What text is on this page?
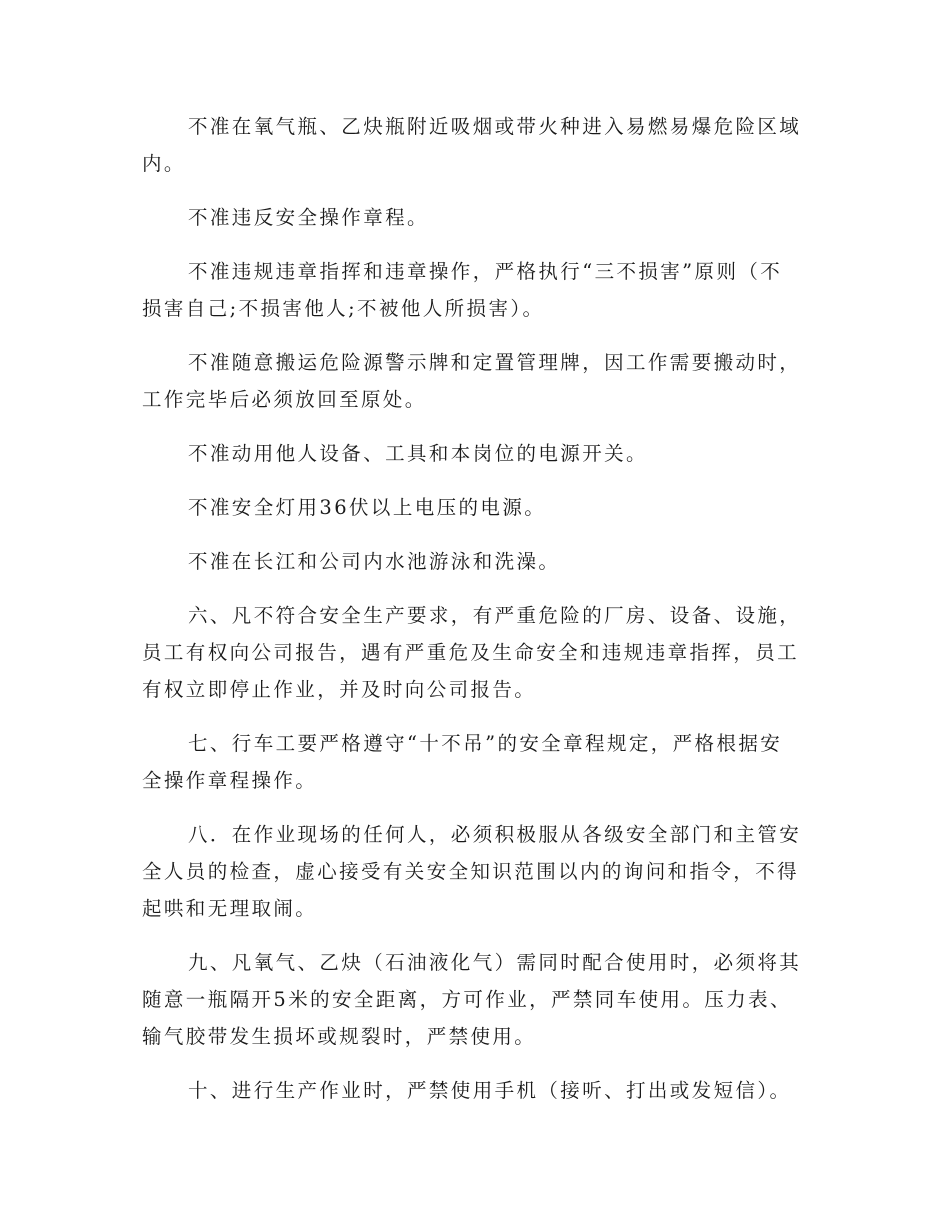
不准在氧气瓶、乙炔瓶附近吸烟或带火种进入易燃易爆危险区域
内。
不准违反安全操作章程。
不准违规违章指挥和违章操作，严格执行“三不损害”原则（不
损害自己;不损害他人;不被他人所损害）。
不准随意搬运危险源警示牌和定置管理牌，因工作需要搬动时，
工作完毕后必须放回至原处。
不准动用他人设备、工具和本岗位的电源开关。
不准安全灯用36伏以上电压的电源。
不准在长江和公司内水池游泳和洗澡。
六、凡不符合安全生产要求，有严重危险的厂房、设备、设施，
员工有权向公司报告，遇有严重危及生命安全和违规违章指挥，员工
有权立即停止作业，并及时向公司报告。
七、行车工要严格遵守“十不吊”的安全章程规定，严格根据安
全操作章程操作。
八．在作业现场的任何人，必须积极服从各级安全部门和主管安
全人员的检查，虚心接受有关安全知识范围以内的询问和指令，不得
起哄和无理取闹。
九、凡氧气、乙炔（石油液化气）需同时配合使用时，必须将其
随意一瓶隔开5米的安全距离，方可作业，严禁同车使用。压力表、
输气胶带发生损坏或规裂时，严禁使用。
十、进行生产作业时，严禁使用手机（接听、打出或发短信）。
